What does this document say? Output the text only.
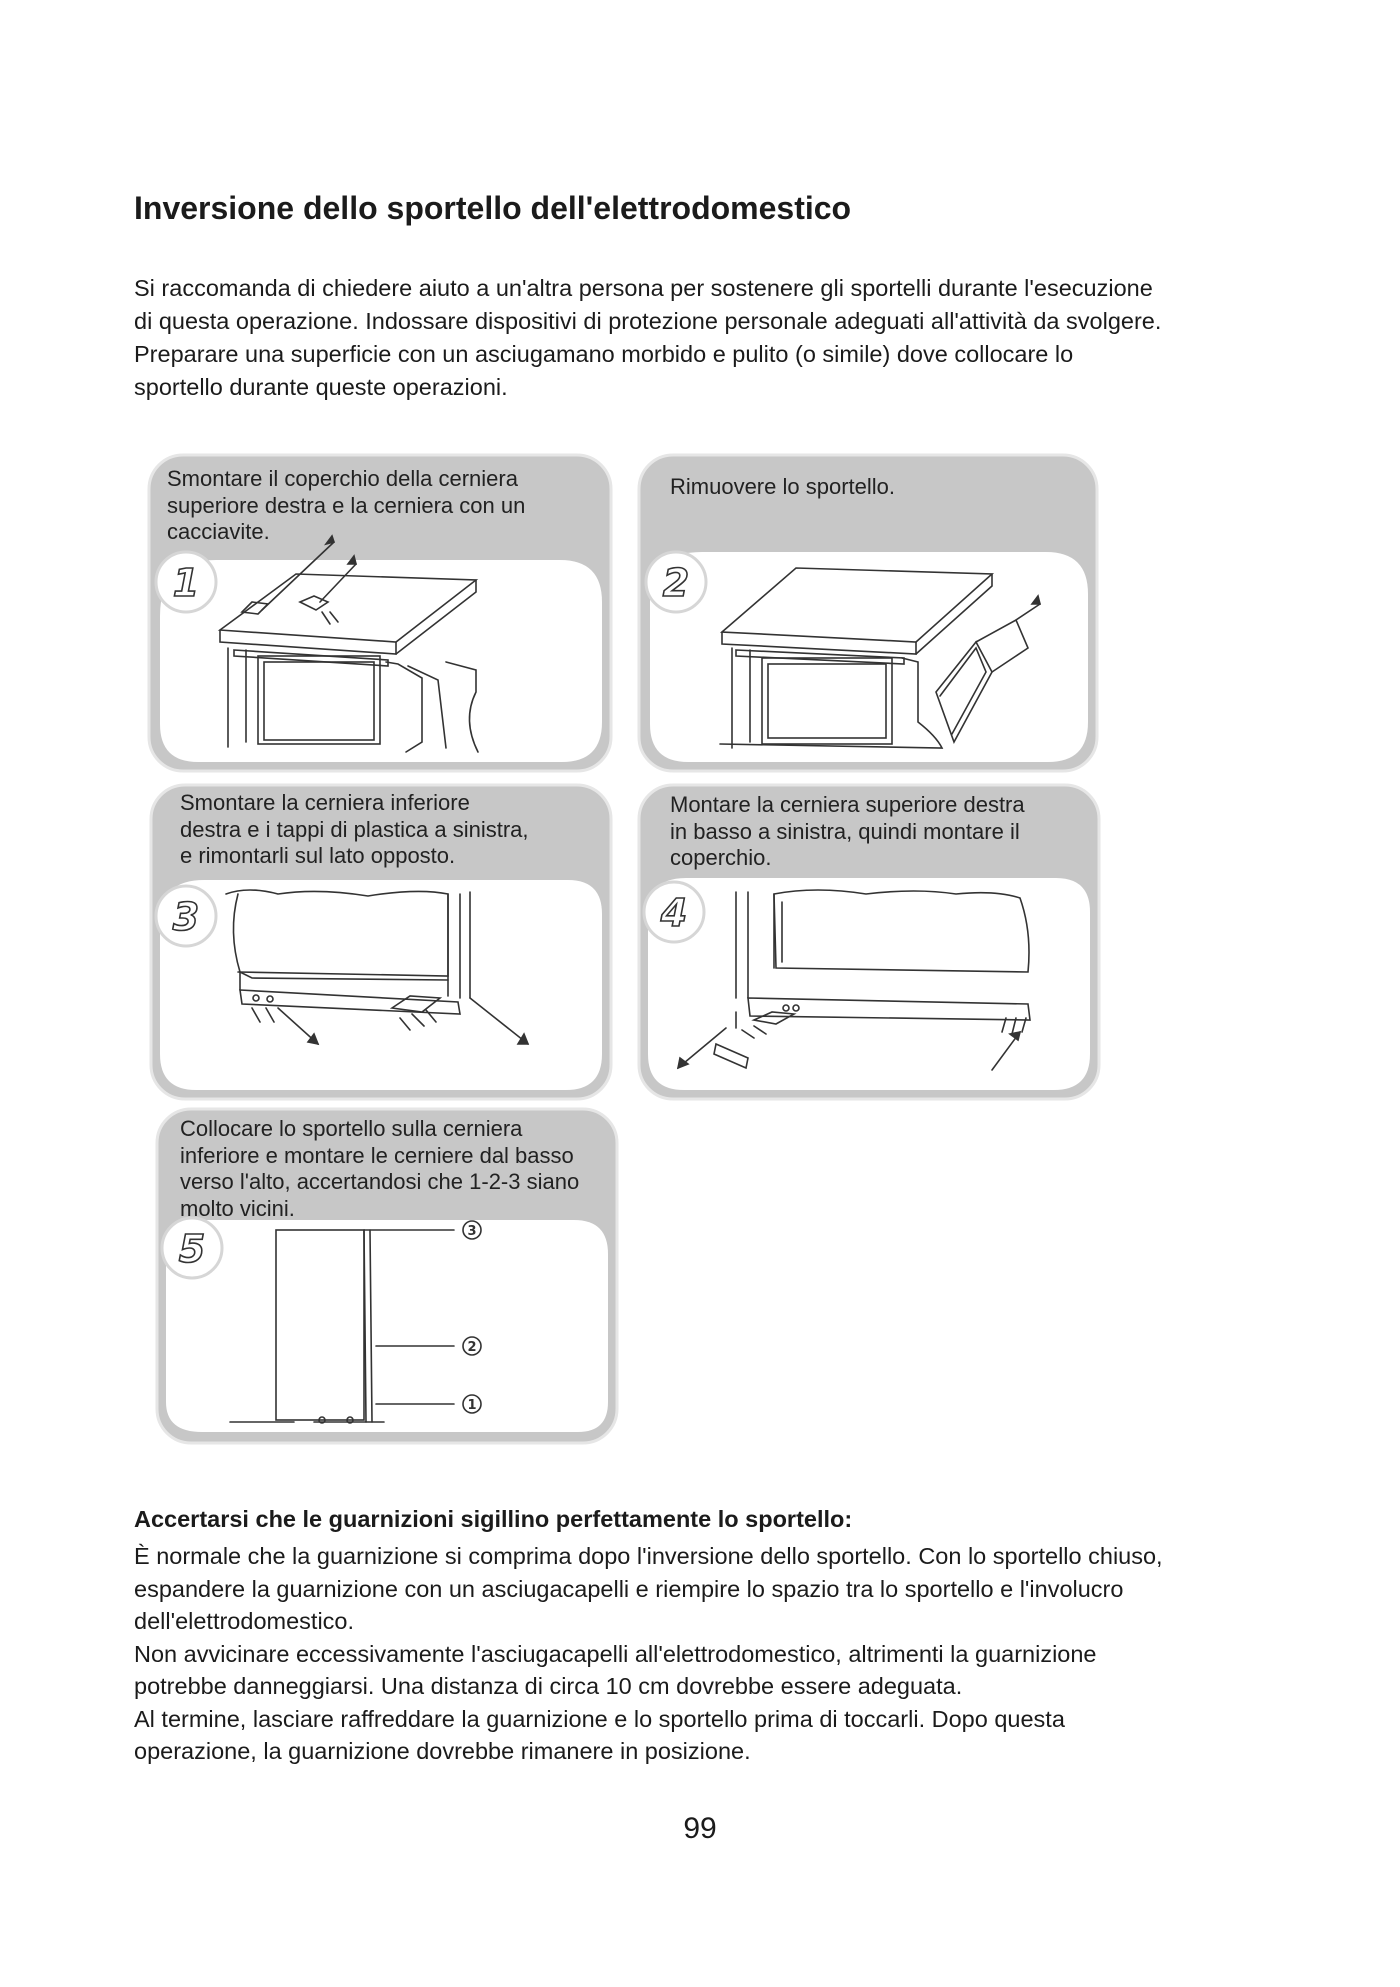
Inversione dello sportello dell'elettrodomestico

Si raccomanda di chiedere aiuto a un'altra persona per sostenere gli sportelli durante l'esecuzione
di questa operazione. Indossare dispositivi di protezione personale adeguati all'attività da svolgere.
Preparare una superficie con un asciugamano morbido e pulito (o simile) dove collocare lo
sportello durante queste operazioni.

1
Smontare il coperchio della cerniera
superiore destra e la cerniera con un
cacciavite.
2
Rimuovere lo sportello.
3
Smontare la cerniera inferiore
destra e i tappi di plastica a sinistra,
e rimontarli sul lato opposto.
4
Montare la cerniera superiore destra
in basso a sinistra, quindi montare il
coperchio.
5	3
2
1
Collocare lo sportello sulla cerniera
inferiore e montare le cerniere dal basso
verso l'alto, accertandosi che 1-2-3 siano
molto vicini.
Accertarsi che le guarnizioni sigillino perfettamente lo sportello:

È normale che la guarnizione si comprima dopo l'inversione dello sportello. Con lo sportello chiuso,
espandere la guarnizione con un asciugacapelli e riempire lo spazio tra lo sportello e l'involucro
dell'elettrodomestico.
Non avvicinare eccessivamente l'asciugacapelli all'elettrodomestico, altrimenti la guarnizione
potrebbe danneggiarsi. Una distanza di circa 10 cm dovrebbe essere adeguata.
Al termine, lasciare raffreddare la guarnizione e lo sportello prima di toccarli. Dopo questa
operazione, la guarnizione dovrebbe rimanere in posizione.

99
